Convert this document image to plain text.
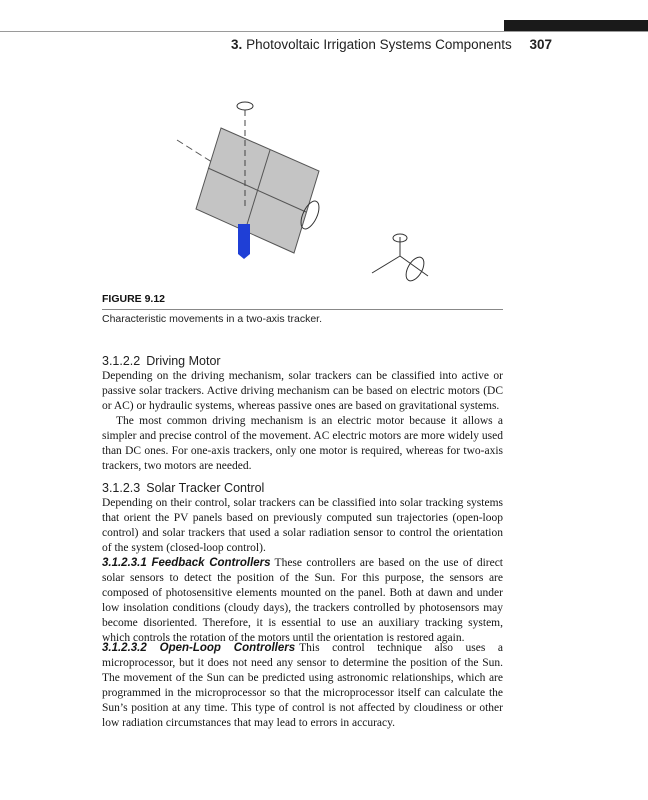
3. Photovoltaic Irrigation Systems Components 307
FIGURE 9.12
Characteristic movements in a two-axis tracker.
3.1.2.2 Driving Motor

Depending on the driving mechanism, solar trackers can be classified into active or passive solar trackers. Active driving mechanism can be based on electric motors (DC or AC) or hydraulic systems, whereas passive ones are based on gravitational systems.

The most common driving mechanism is an electric motor because it allows a simpler and precise control of the movement. AC electric motors are more widely used than DC ones. For one-axis trackers, only one motor is required, whereas for two-axis trackers, two motors are needed.

3.1.2.3 Solar Tracker Control

Depending on their control, solar trackers can be classified into solar tracking systems that orient the PV panels based on previously computed sun trajectories (open-loop control) and solar trackers that used a solar radiation sensor to control the orientation of the system (closed-loop control).

3.1.2.3.1 Feedback Controllers These controllers are based on the use of direct solar sensors to detect the position of the Sun. For this purpose, the sensors are composed of photosensitive elements mounted on the panel. Both at dawn and under low insolation conditions (cloudy days), the trackers controlled by photosensors may become disoriented. Therefore, it is essential to use an auxiliary tracking system, which controls the rotation of the motors until the orientation is restored again.

3.1.2.3.2 Open-Loop Controllers This control technique also uses a microprocessor, but it does not need any sensor to determine the position of the Sun. The movement of the Sun can be predicted using astronomic relationships, which are programmed in the microprocessor so that the microprocessor itself can calculate the Sun’s position at any time. This type of control is not affected by cloudiness or other low radiation circumstances that may lead to errors in accuracy.
